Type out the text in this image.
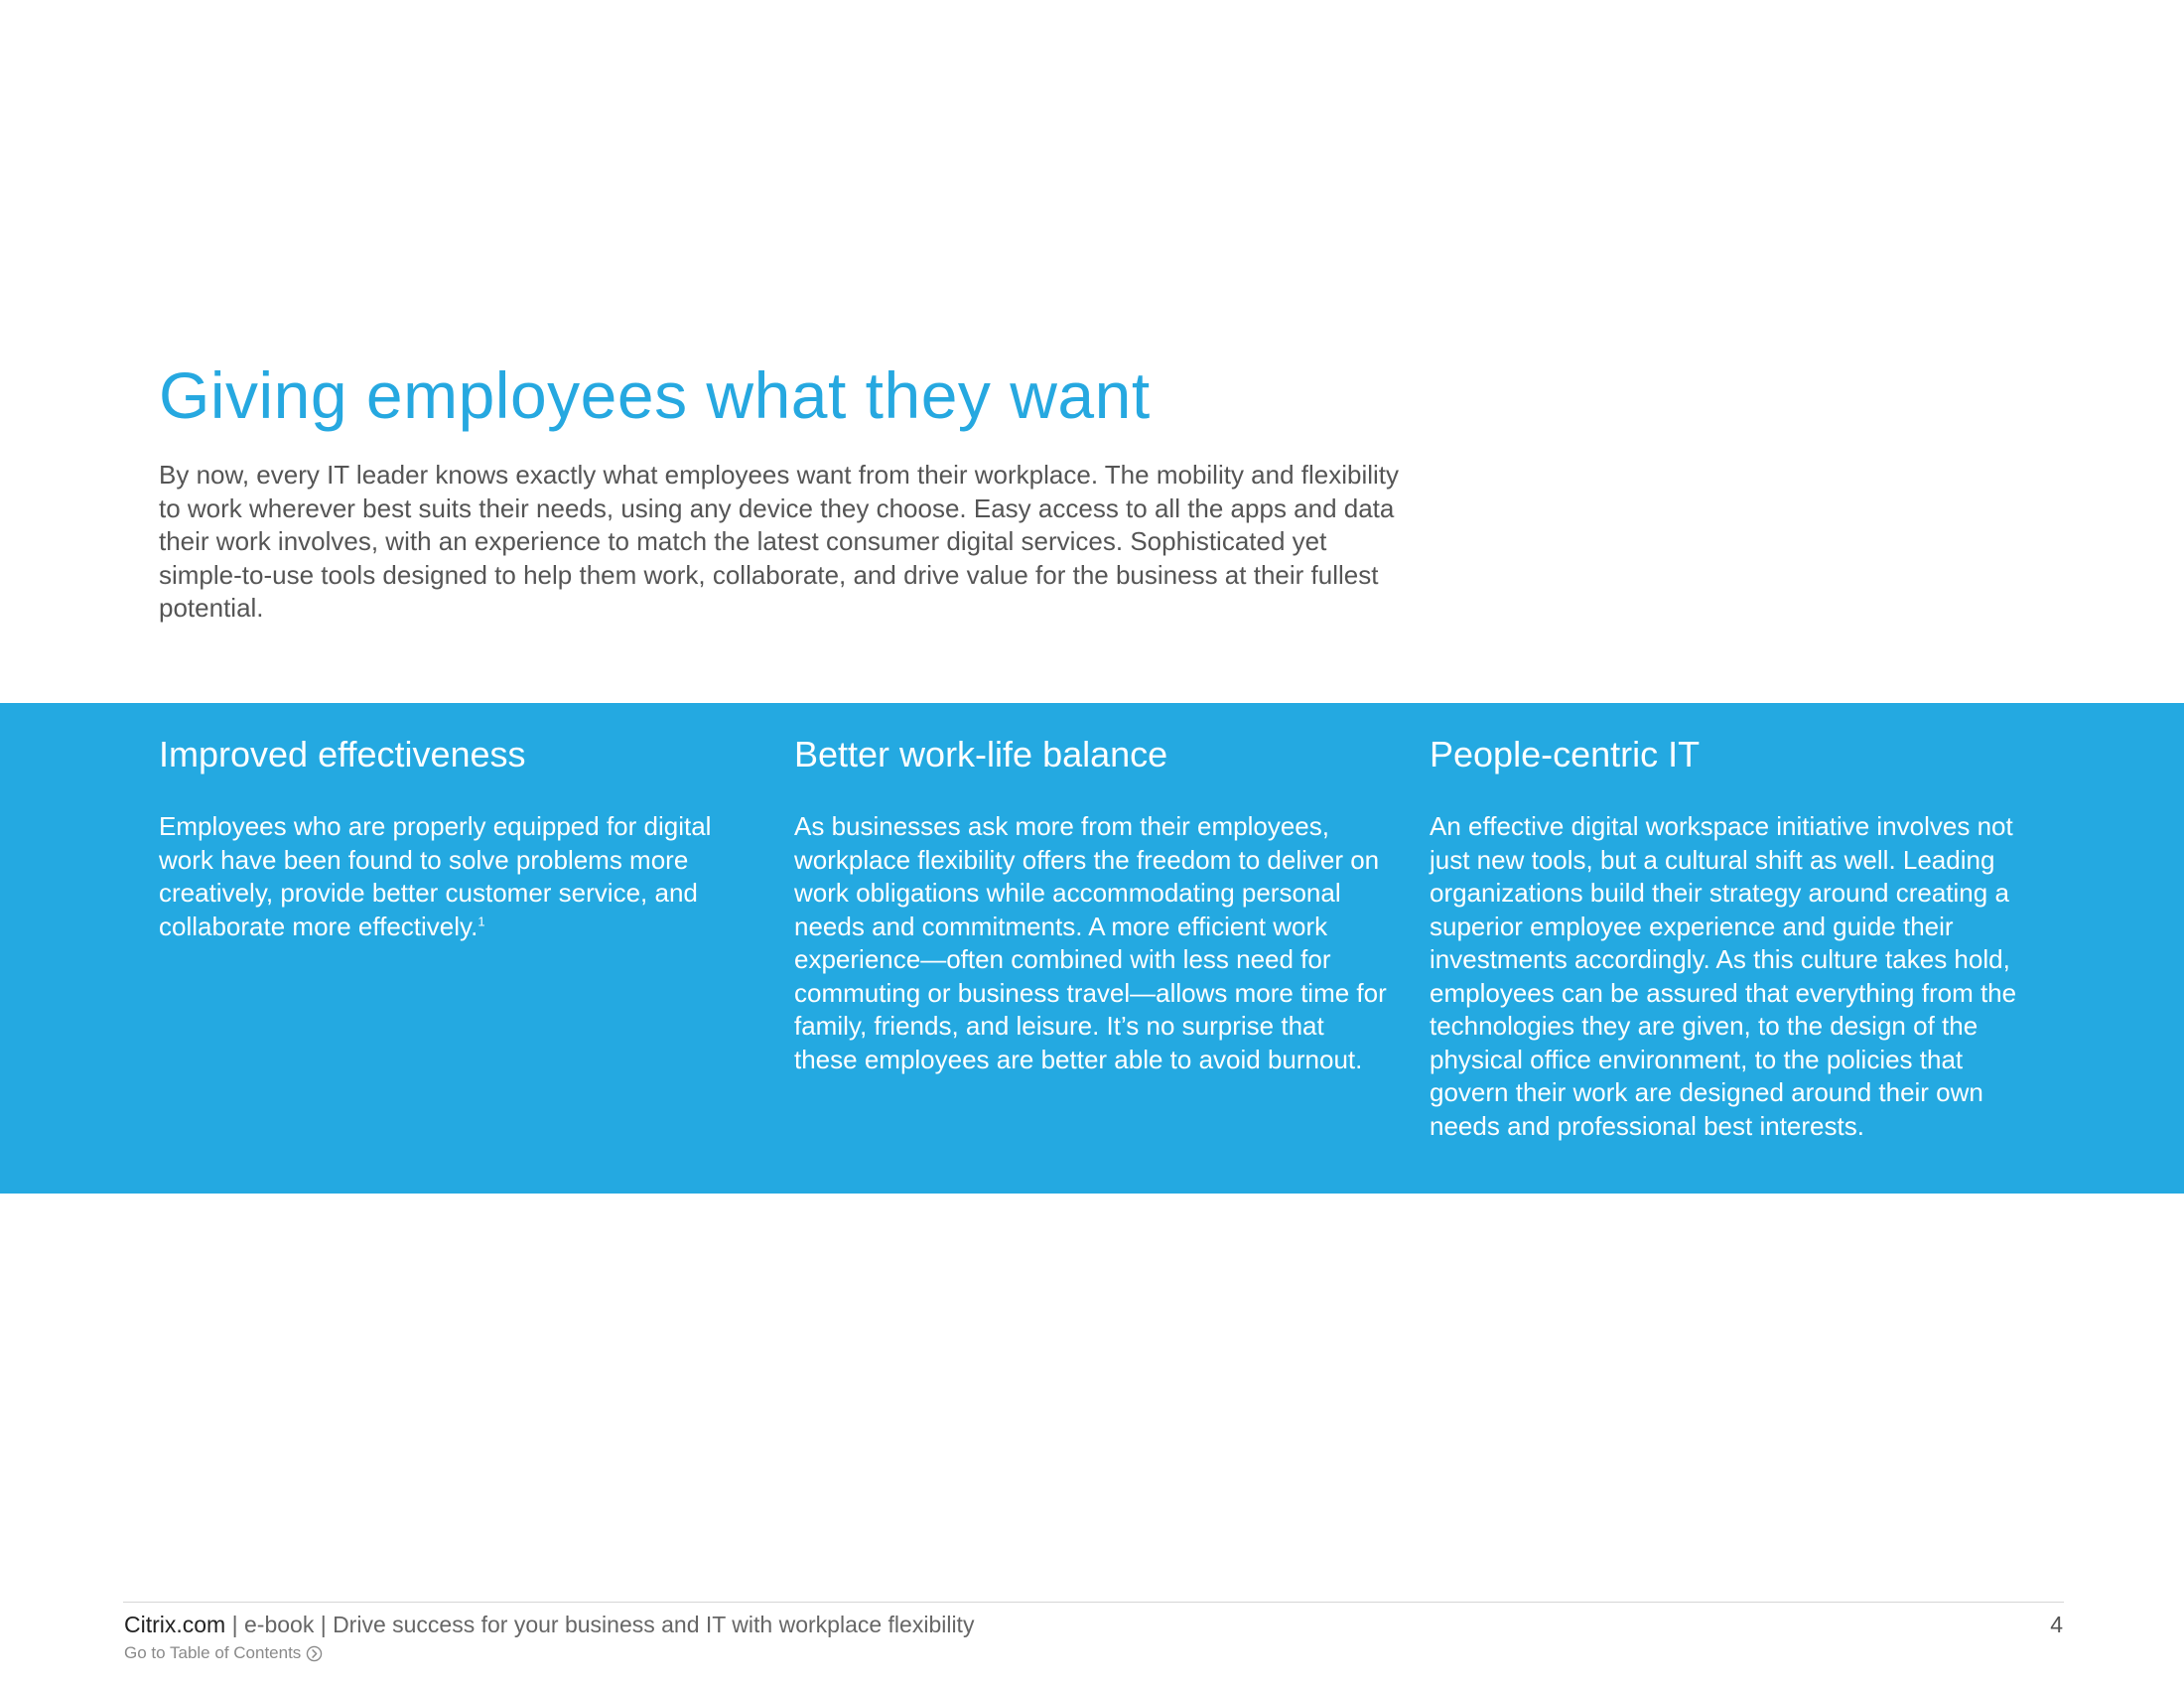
Giving employees what they want

By now, every IT leader knows exactly what employees want from their workplace. The mobility and flexibility to work wherever best suits their needs, using any device they choose. Easy access to all the apps and data their work involves, with an experience to match the latest consumer digital services. Sophisticated yet simple-to-use tools designed to help them work, collaborate, and drive value for the business at their fullest potential.

Improved effectiveness

Employees who are properly equipped for digital work have been found to solve problems more creatively, provide better customer service, and collaborate more effectively.$^1$

Better work-life balance

As businesses ask more from their employees, workplace flexibility offers the freedom to deliver on work obligations while accommodating personal needs and commitments. A more efficient work experience—often combined with less need for commuting or business travel—allows more time for family, friends, and leisure. It’s no surprise that these employees are better able to avoid burnout.

People-centric IT

An effective digital workspace initiative involves not just new tools, but a cultural shift as well. Leading organizations build their strategy around creating a superior employee experience and guide their investments accordingly. As this culture takes hold, employees can be assured that everything from the technologies they are given, to the design of the physical office environment, to the policies that govern their work are designed around their own needs and professional best interests.

Citrix.com | e-book | Drive success for your business and IT with workplace flexibility	4
Go to Table of Contents
